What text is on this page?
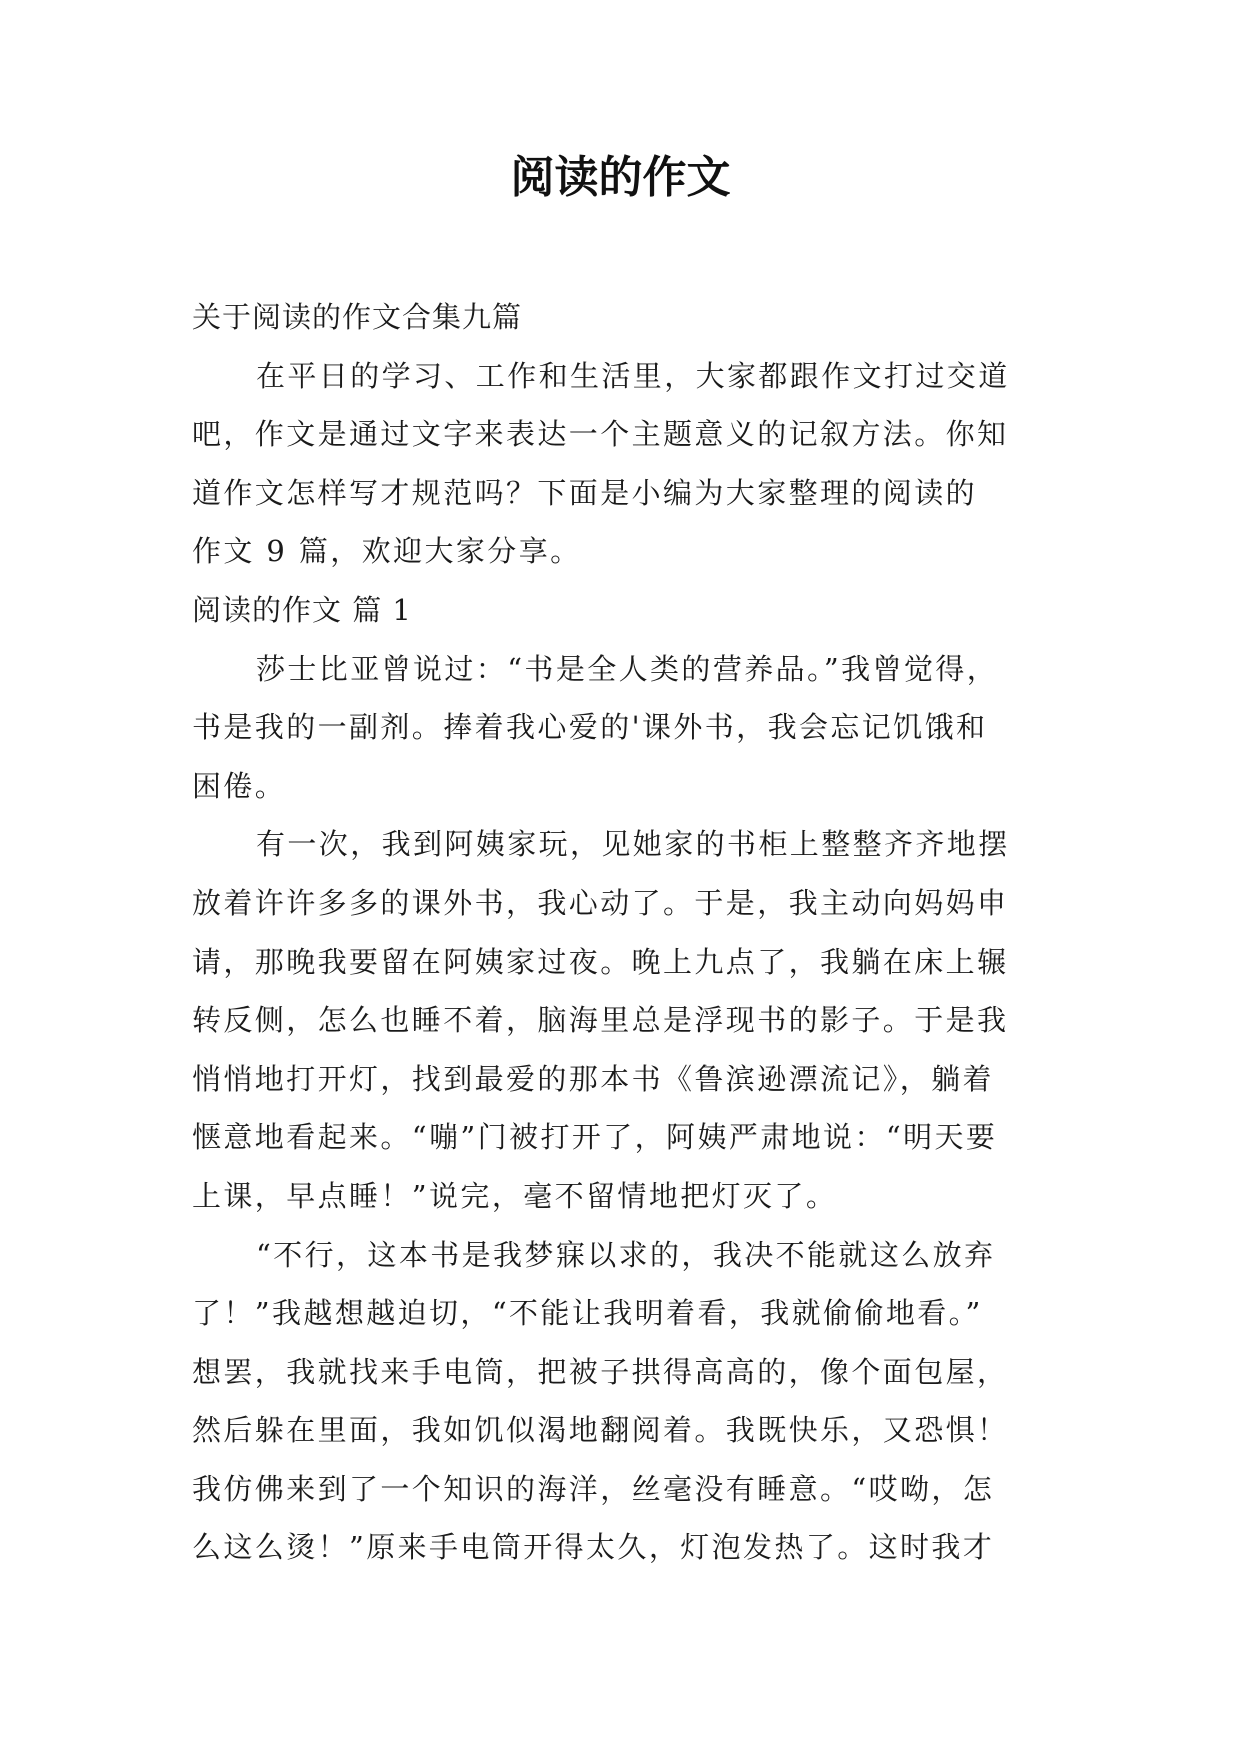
阅读的作文
关于阅读的作文合集九篇
在平日的学习、工作和生活里，大家都跟作文打过交道
吧，作文是通过文字来表达一个主题意义的记叙方法。你知
道作文怎样写才规范吗？下面是小编为大家整理的阅读的
作文 9 篇，欢迎大家分享。
阅读的作文 篇 1
莎士比亚曾说过：“书是全人类的营养品。”我曾觉得，
书是我的一副剂。捧着我心爱的'课外书，我会忘记饥饿和
困倦。
有一次，我到阿姨家玩，见她家的书柜上整整齐齐地摆
放着许许多多的课外书，我心动了。于是，我主动向妈妈申
请，那晚我要留在阿姨家过夜。晚上九点了，我躺在床上辗
转反侧，怎么也睡不着，脑海里总是浮现书的影子。于是我
悄悄地打开灯，找到最爱的那本书《鲁滨逊漂流记》，躺着
惬意地看起来。“嘣”门被打开了，阿姨严肃地说：“明天要
上课，早点睡！”说完，毫不留情地把灯灭了。
“不行，这本书是我梦寐以求的，我决不能就这么放弃
了！”我越想越迫切，“不能让我明着看，我就偷偷地看。”
想罢，我就找来手电筒，把被子拱得高高的，像个面包屋，
然后躲在里面，我如饥似渴地翻阅着。我既快乐，又恐惧！
我仿佛来到了一个知识的海洋，丝毫没有睡意。“哎呦，怎
么这么烫！”原来手电筒开得太久，灯泡发热了。这时我才
